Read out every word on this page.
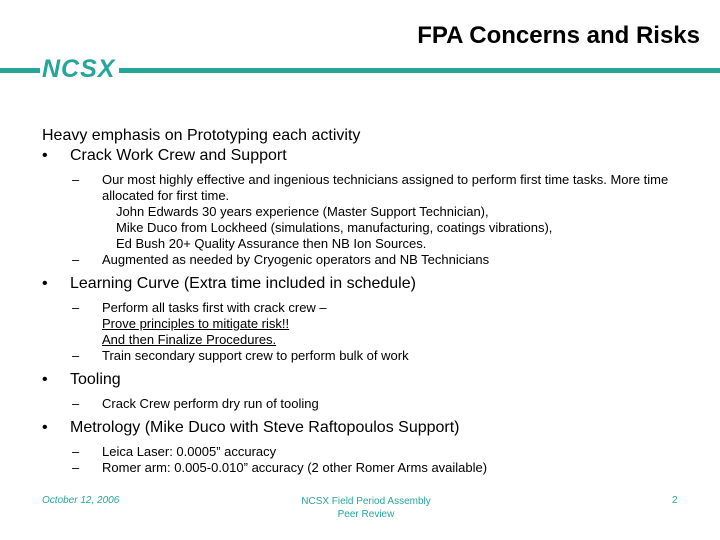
FPA Concerns and Risks
NCSX
Heavy emphasis on Prototyping each activity
• Crack Work Crew and Support
– Our most highly effective and ingenious technicians assigned to perform first time tasks. More time allocated for first time.
John Edwards 30 years experience (Master Support Technician),
Mike Duco from Lockheed (simulations, manufacturing, coatings vibrations),
Ed Bush 20+ Quality Assurance then NB Ion Sources.
– Augmented as needed by Cryogenic operators and NB Technicians
• Learning Curve (Extra time included in schedule)
– Perform all tasks first with crack crew –
Prove principles to mitigate risk!!
And then Finalize Procedures.
– Train secondary support crew to perform bulk of work
• Tooling
– Crack Crew perform dry run of tooling
• Metrology (Mike Duco with Steve Raftopoulos Support)
– Leica Laser: 0.0005” accuracy
– Romer arm: 0.005-0.010” accuracy (2 other Romer Arms available)
October 12, 2006	NCSX Field Period Assembly
Peer Review
2
